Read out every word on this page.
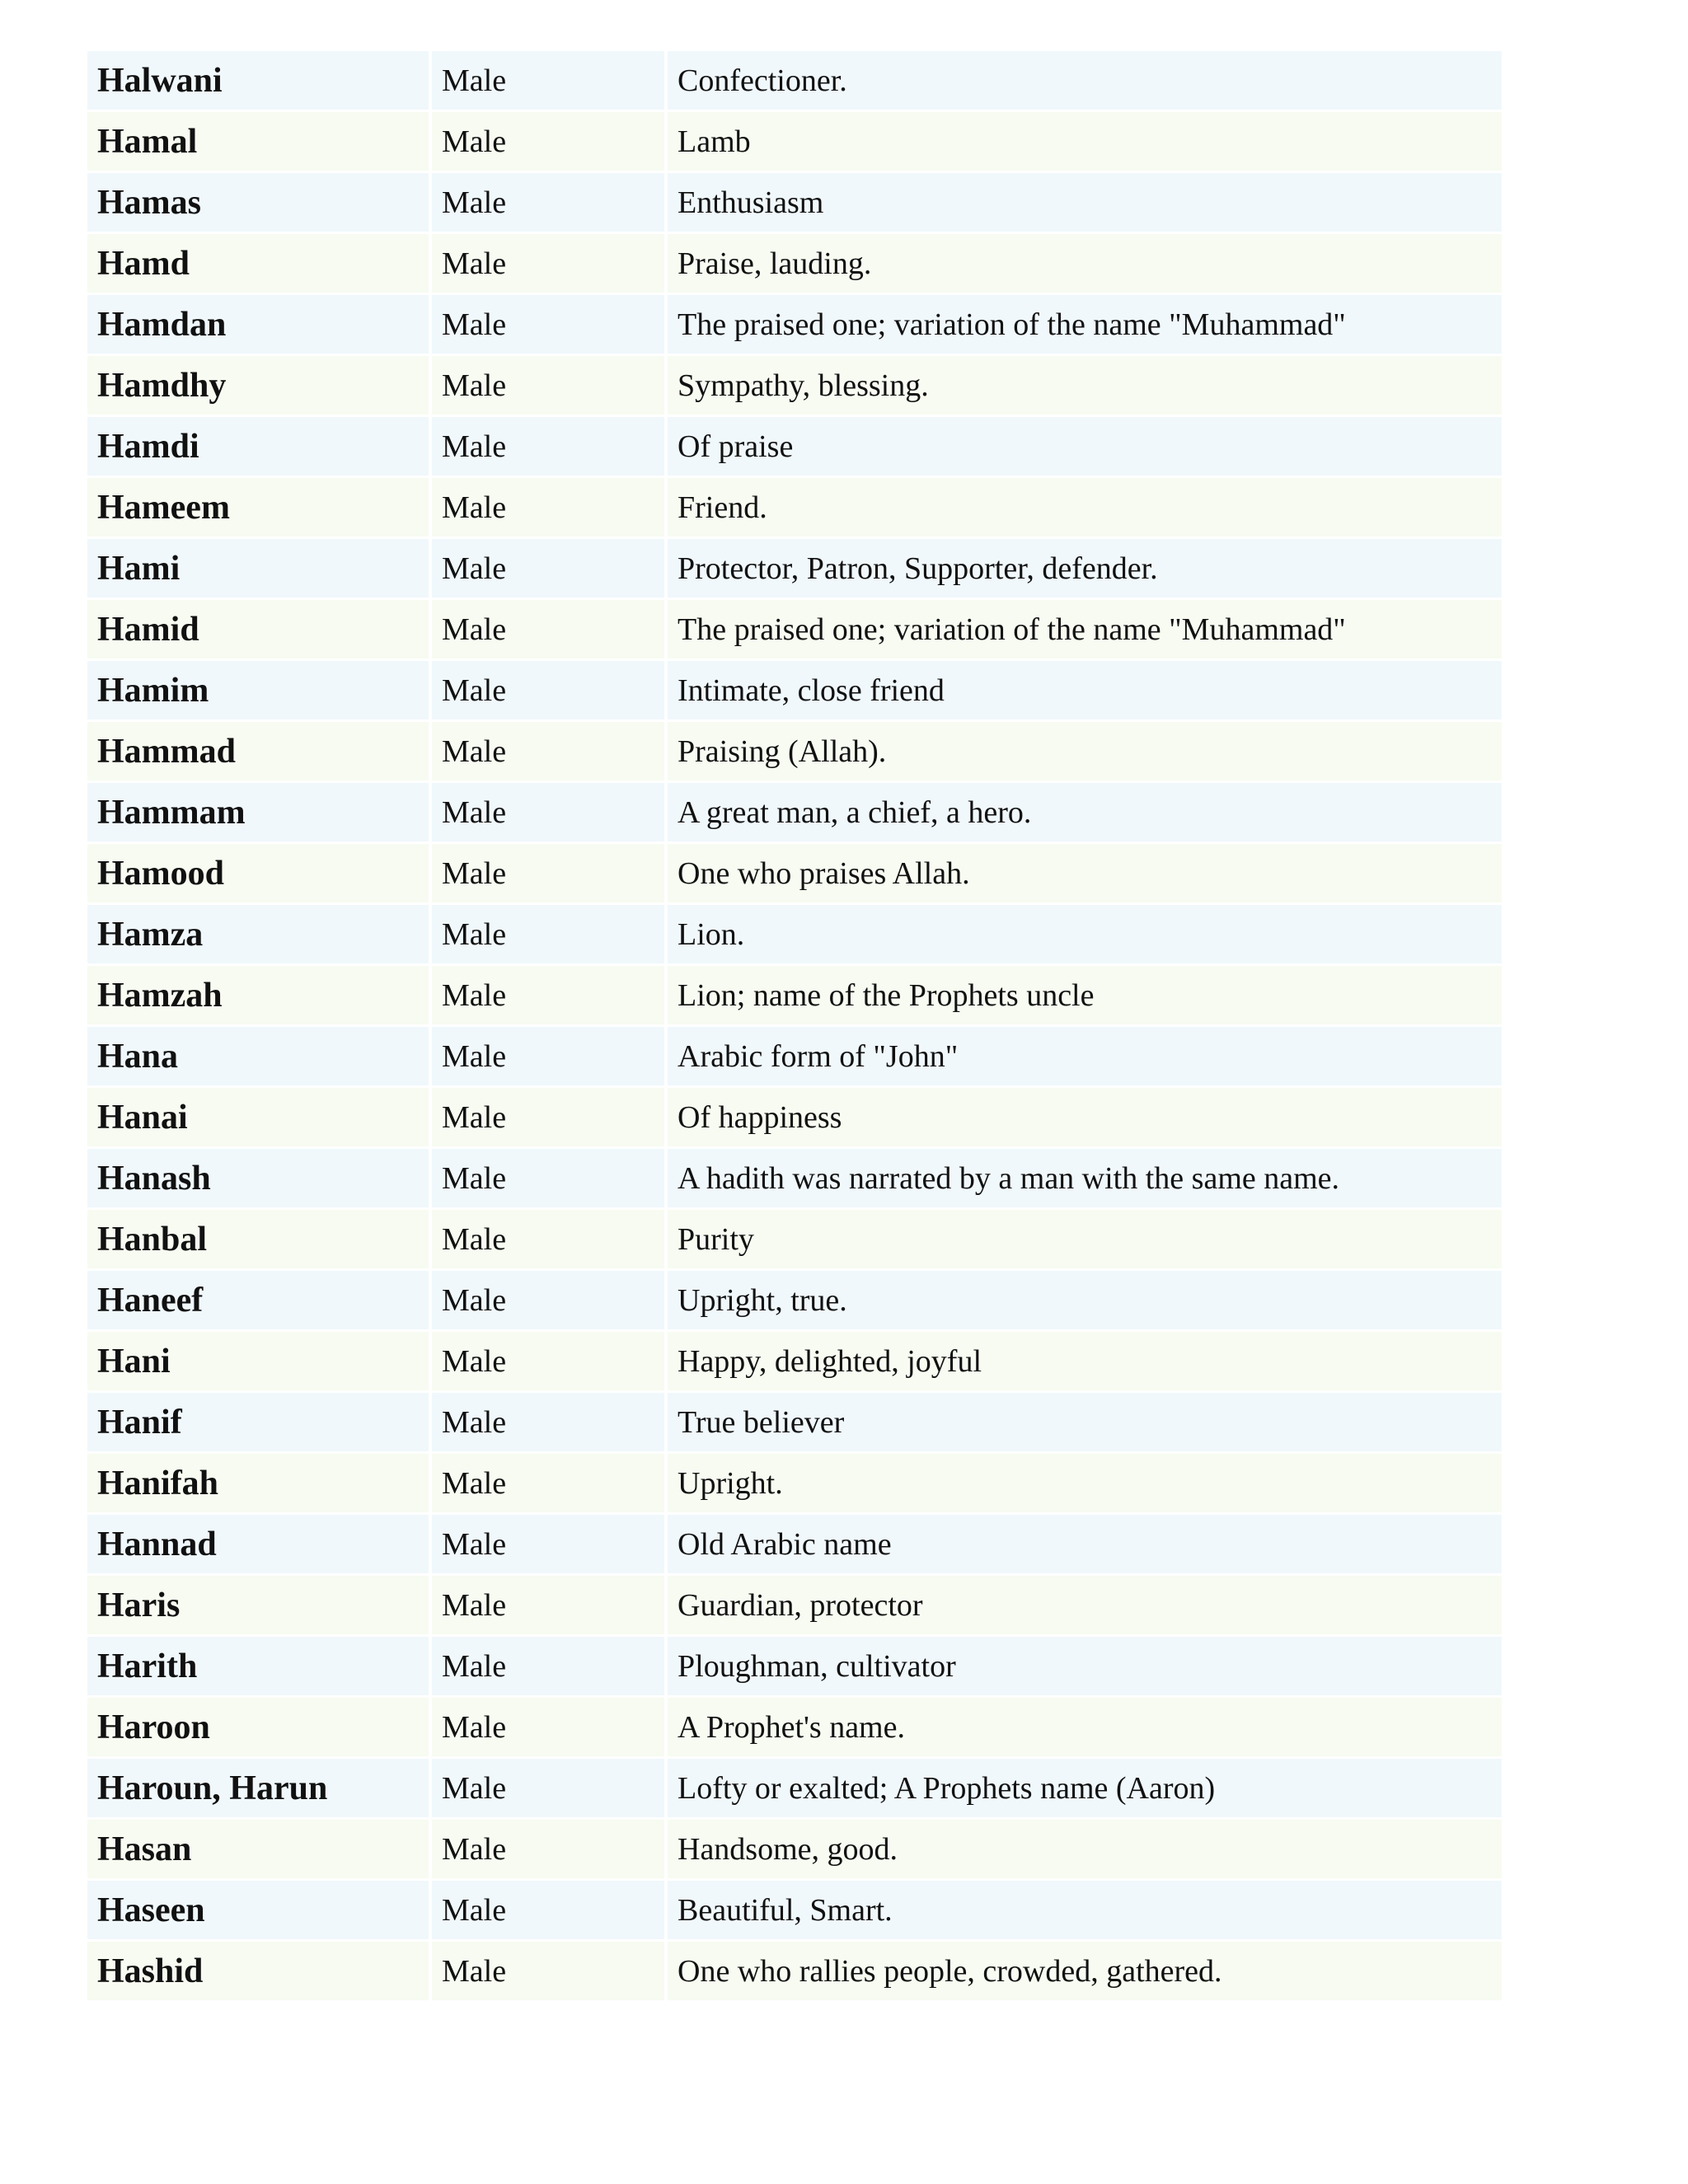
Halwani	Male	Confectioner.
Hamal	Male	Lamb
Hamas	Male	Enthusiasm
Hamd	Male	Praise, lauding.
Hamdan	Male	The praised one; variation of the name "Muhammad"
Hamdhy	Male	Sympathy, blessing.
Hamdi	Male	Of praise
Hameem	Male	Friend.
Hami	Male	Protector, Patron, Supporter, defender.
Hamid	Male	The praised one; variation of the name "Muhammad"
Hamim	Male	Intimate, close friend
Hammad	Male	Praising (Allah).
Hammam	Male	A great man, a chief, a hero.
Hamood	Male	One who praises Allah.
Hamza	Male	Lion.
Hamzah	Male	Lion; name of the Prophets uncle
Hana	Male	Arabic form of "John"
Hanai	Male	Of happiness
Hanash	Male	A hadith was narrated by a man with the same name.
Hanbal	Male	Purity
Haneef	Male	Upright, true.
Hani	Male	Happy, delighted, joyful
Hanif	Male	True believer
Hanifah	Male	Upright.
Hannad	Male	Old Arabic name
Haris	Male	Guardian, protector
Harith	Male	Ploughman, cultivator
Haroon	Male	A Prophet's name.
Haroun, Harun	Male	Lofty or exalted; A Prophets name (Aaron)
Hasan	Male	Handsome, good.
Haseen	Male	Beautiful, Smart.
Hashid	Male	One who rallies people, crowded, gathered.
